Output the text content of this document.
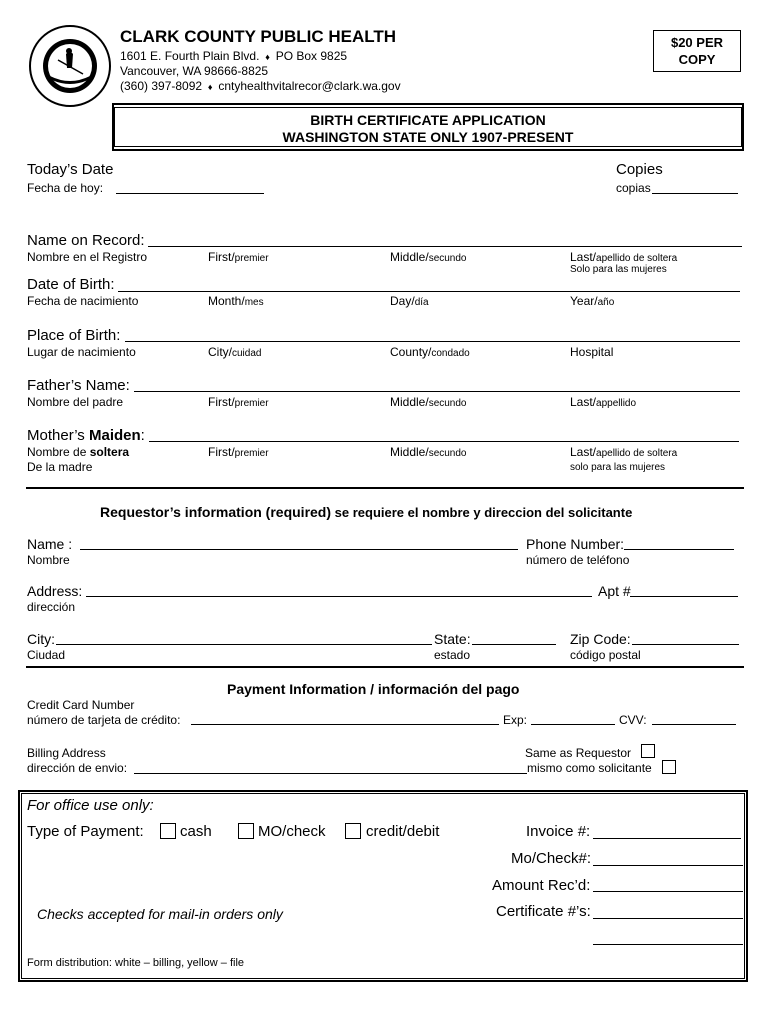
CLARK COUNTY PUBLIC HEALTH
1601 E. Fourth Plain Blvd.  ♦  PO Box 9825
Vancouver, WA 98666-8825
(360) 397-8092  ♦  cntyhealthvitalrecor@clark.wa.gov
$20 PER
COPY
BIRTH CERTIFICATE APPLICATION
WASHINGTON STATE ONLY 1907-PRESENT
Today’s Date
Fecha de hoy:
Copies
copias
Name on Record:
Nombre en el Registro	First/premier	Middle/secundo	Last/apellido de soltera
Solo para las mujeres
Date of Birth:
Fecha de nacimiento	Month/mes	Day/día	Year/año
Place of Birth:
Lugar de nacimiento	City/cuidad	County/condado	Hospital
Father’s Name:
Nombre del padre	First/premier	Middle/secundo	Last/appellido
Mother’s Maiden:
Nombre de soltera
De la madre
First/premier	Middle/secundo	Last/apellido de soltera
solo para las mujeres
Requestor’s information (required) se requiere el nombre y direccion del solicitante
Name :
Nombre
Phone Number:
número de teléfono
Address:
dirección
Apt #
City:
Ciudad
State:
estado
Zip Code:
código postal
Payment Information / información del pago
Credit Card Number
número de tarjeta de crédito:	Exp:	CVV:
Billing Address
dirección de envio:
Same as Requestor
mismo como solicitante
For office use only:
Type of Payment: cash	MO/check	credit/debit	Invoice #:
Mo/Check#:
Amount Rec’d:
Certificate #’s:
Checks accepted for mail-in orders only
Form distribution: white – billing, yellow – file
